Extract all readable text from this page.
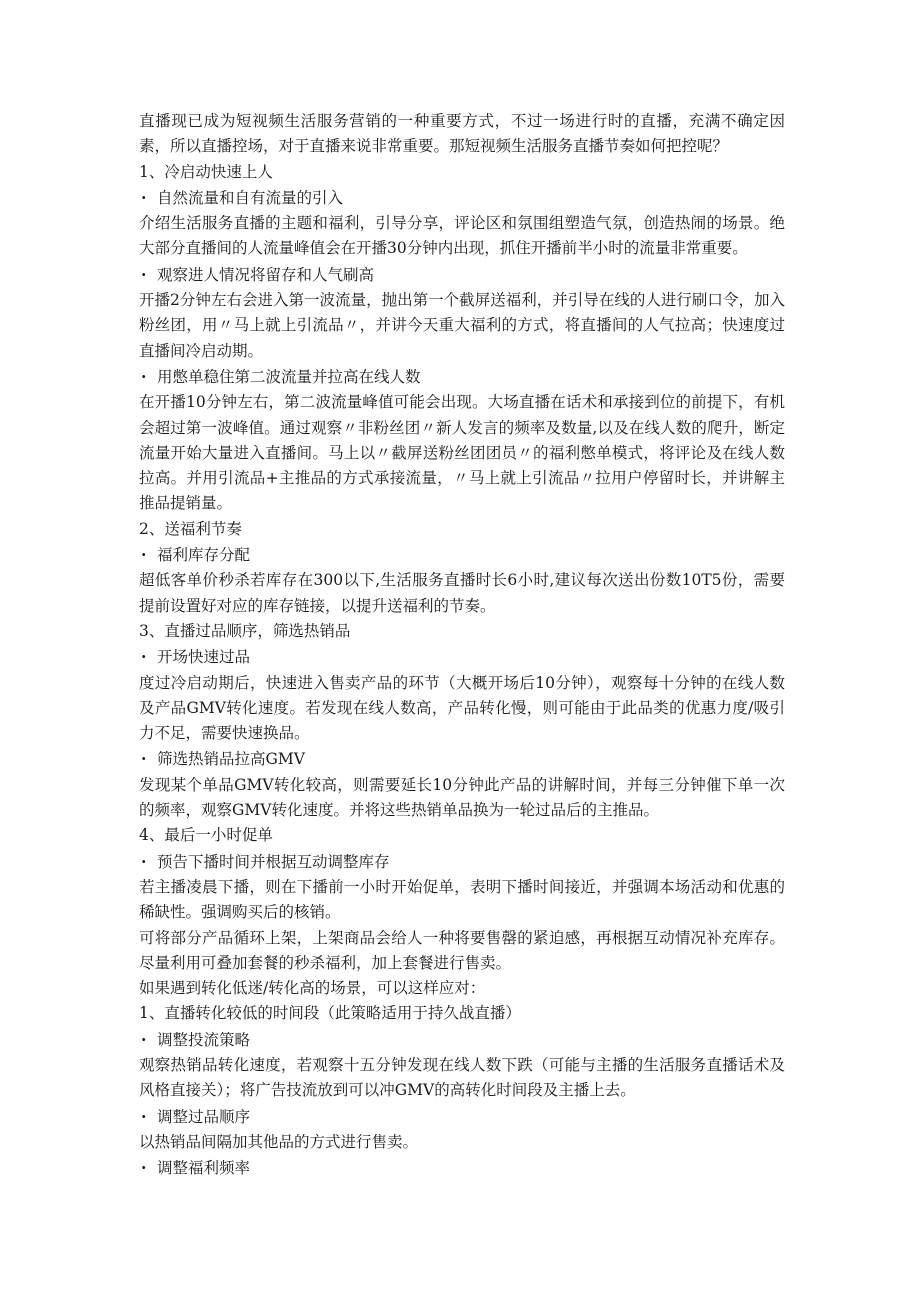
直播现已成为短视频生活服务营销的一种重要方式，不过一场进行时的直播，充满不确定因素，所以直播控场，对于直播来说非常重要。那短视频生活服务直播节奏如何把控呢？

1、冷启动快速上人

· 自然流量和自有流量的引入

介绍生活服务直播的主题和福利，引导分享，评论区和氛围组塑造气氛，创造热闹的场景。绝大部分直播间的人流量峰值会在开播30分钟内出现，抓住开播前半小时的流量非常重要。

· 观察进人情况将留存和人气刷高

开播2分钟左右会进入第一波流量，抛出第一个截屏送福利，并引导在线的人进行刷口令，加入粉丝团，用〃马上就上引流品〃，并讲今天重大福利的方式，将直播间的人气拉高；快速度过直播间冷启动期。

· 用憋单稳住第二波流量并拉高在线人数

在开播10分钟左右，第二波流量峰值可能会出现。大场直播在话术和承接到位的前提下，有机会超过第一波峰值。通过观察〃非粉丝团〃新人发言的频率及数量,以及在线人数的爬升，断定流量开始大量进入直播间。马上以〃截屏送粉丝团团员〃的福利憋单模式，将评论及在线人数拉高。并用引流品+主推品的方式承接流量，〃马上就上引流品〃拉用户停留时长，并讲解主推品提销量。

2、送福利节奏

· 福利库存分配

超低客单价秒杀若库存在300以下,生活服务直播时长6小时,建议每次送出份数10T5份，需要提前设置好对应的库存链接，以提升送福利的节奏。

3、直播过品顺序，筛选热销品

· 开场快速过品

度过冷启动期后，快速进入售卖产品的环节（大概开场后10分钟），观察每十分钟的在线人数及产品GMV转化速度。若发现在线人数高，产品转化慢，则可能由于此品类的优惠力度/吸引力不足，需要快速换品。

· 筛选热销品拉高GMV

发现某个单品GMV转化较高，则需要延长10分钟此产品的讲解时间，并每三分钟催下单一次的频率，观察GMV转化速度。并将这些热销单品换为一轮过品后的主推品。

4、最后一小时促单

· 预告下播时间并根据互动调整库存

若主播凌晨下播，则在下播前一小时开始促单，表明下播时间接近，并强调本场活动和优惠的稀缺性。强调购买后的核销。

可将部分产品循环上架，上架商品会给人一种将要售罄的紧迫感，再根据互动情况补充库存。尽量利用可叠加套餐的秒杀福利，加上套餐进行售卖。

如果遇到转化低迷/转化高的场景，可以这样应对：

1、直播转化较低的时间段（此策略适用于持久战直播）

· 调整投流策略

观察热销品转化速度，若观察十五分钟发现在线人数下跌（可能与主播的生活服务直播话术及风格直接关）；将广告技流放到可以冲GMV的高转化时间段及主播上去。

· 调整过品顺序

以热销品间隔加其他品的方式进行售卖。

· 调整福利频率
